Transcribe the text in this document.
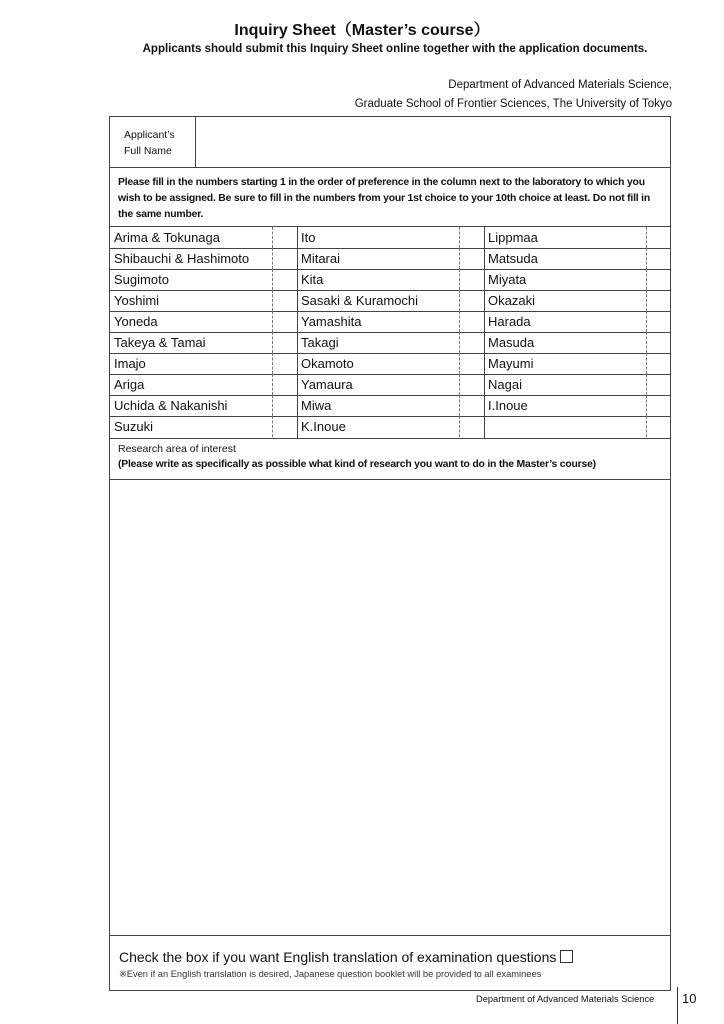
Inquiry Sheet（Master’s course）
Applicants should submit this Inquiry Sheet online together with the application documents.
Department of Advanced Materials Science,
Graduate School of Frontier Sciences, The University of Tokyo
Applicant’s
Full Name
Please fill in the numbers starting 1 in the order of preference in the column next to the laboratory to which you wish to be assigned. Be sure to fill in the numbers from your 1st choice to your 10th choice at least. Do not fill in the same number.
Arima & Tokunaga	Ito	Lippmaa
Shibauchi & Hashimoto	Mitarai	Matsuda
Sugimoto	Kita	Miyata
Yoshimi	Sasaki & Kuramochi	Okazaki
Yoneda	Yamashita	Harada
Takeya & Tamai	Takagi	Masuda
Imajo	Okamoto	Mayumi
Ariga	Yamaura	Nagai
Uchida & Nakanishi	Miwa	I.Inoue
Suzuki	K.Inoue
Research area of interest
(Please write as specifically as possible what kind of research you want to do in the Master’s course)
Check the box if you want English translation of examination questions
※Even if an English translation is desired, Japanese question booklet will be provided to all examinees
Department of Advanced Materials Science 10
